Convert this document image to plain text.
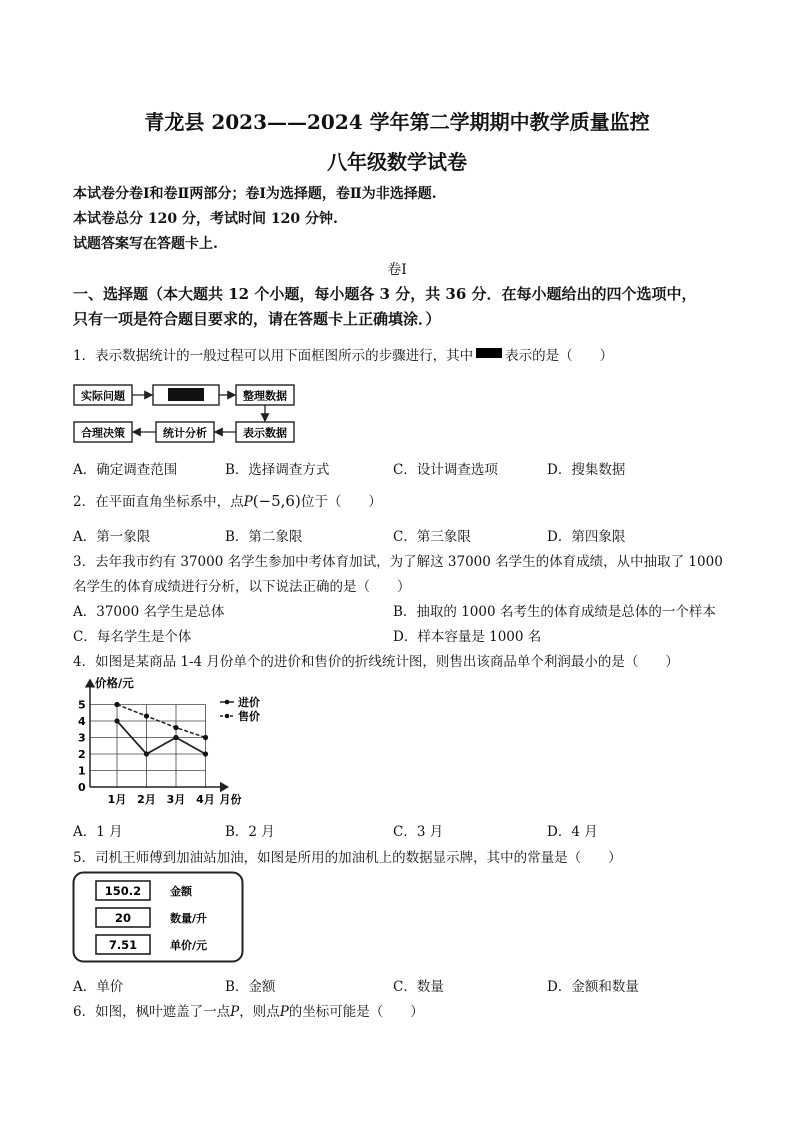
青龙县 2023——2024 学年第二学期期中教学质量监控
八年级数学试卷
本试卷分卷Ⅰ和卷Ⅱ两部分；卷Ⅰ为选择题，卷Ⅱ为非选择题.
本试卷总分 120 分，考试时间 120 分钟.
试题答案写在答题卡上.
卷Ⅰ
一、选择题（本大题共 12 个小题，每小题各 3 分，共 36 分．在每小题给出的四个选项中，
只有一项是符合题目要求的，请在答题卡上正确填涂．）
1．表示数据统计的一般过程可以用下面框图所示的步骤进行，其中 表示的是（　　）
实际问题	整理数据
表示数据
统计分析
合理决策
A．确定调查范围	B．选择调查方式	C．设计调查选项	D．搜集数据
2．在平面直角坐标系中，点P(−5,6)位于（　　）
A．第一象限	B．第二象限	C．第三象限	D．第四象限
3．去年我市约有 37000 名学生参加中考体育加试，为了解这 37000 名学生的体育成绩，从中抽取了 1000
名学生的体育成绩进行分析，以下说法正确的是（　　）
A．37000 名学生是总体	B．抽取的 1000 名考生的体育成绩是总体的一个样本
C．每名学生是个体	D．样本容量是 1000 名
4．如图是某商品 1-4 月份单个的进价和售价的折线统计图，则售出该商品单个利润最小的是（　　）
价格/元
月份
0
1
2
3
4
5
1月 2月 3月 4月
进价
售价
A．1 月	B．2 月	C．3 月	D．4 月
5．司机王师傅到加油站加油，如图是所用的加油机上的数据显示牌，其中的常量是（　　）
150.2	金额
20	数量/升
7.51	单价/元
A．单价	B．金额	C．数量	D．金额和数量
6．如图，枫叶遮盖了一点P，则点P的坐标可能是（　　）
